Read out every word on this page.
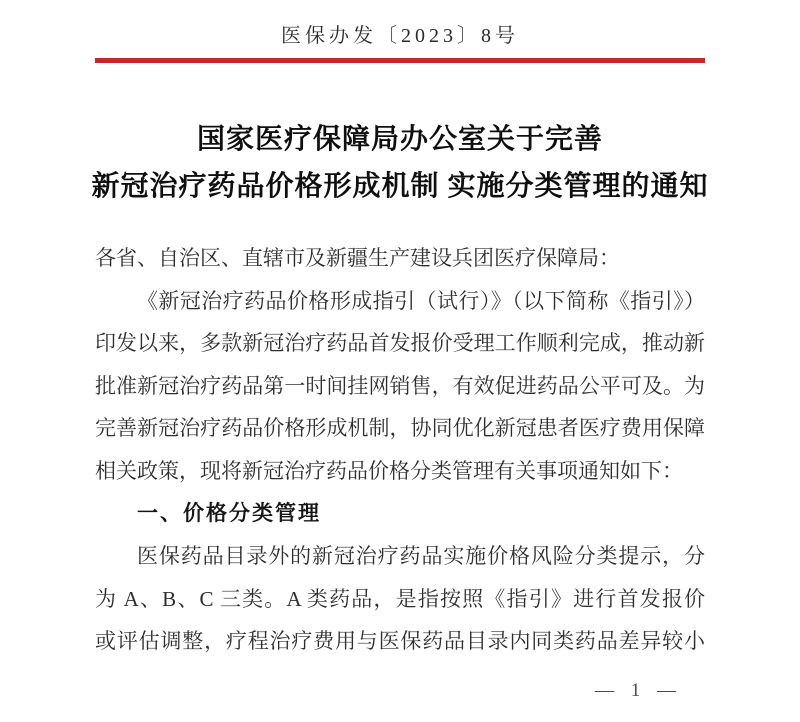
医保办发〔2023〕8号
国家医疗保障局办公室关于完善
新冠治疗药品价格形成机制 实施分类管理的通知
各省、自治区、直辖市及新疆生产建设兵团医疗保障局：
《新冠治疗药品价格形成指引（试行）》（以下简称《指引》）
印发以来，多款新冠治疗药品首发报价受理工作顺利完成，推动新
批准新冠治疗药品第一时间挂网销售，有效促进药品公平可及。为
完善新冠治疗药品价格形成机制，协同优化新冠患者医疗费用保障
相关政策，现将新冠治疗药品价格分类管理有关事项通知如下：
一、价格分类管理
医保药品目录外的新冠治疗药品实施价格风险分类提示，分
为 A、B、C 三类。A 类药品，是指按照《指引》进行首发报价
或评估调整，疗程治疗费用与医保药品目录内同类药品差异较小
— 1 —
